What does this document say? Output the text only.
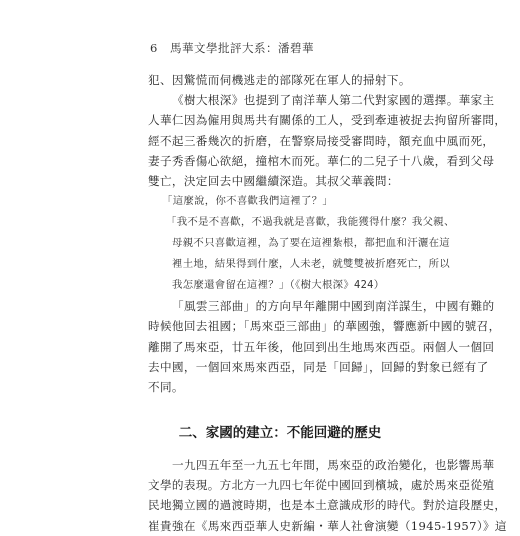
6 馬華文學批評大系：潘碧華
犯、因驚慌而伺機逃走的部隊死在軍人的掃射下。
《樹大根深》也提到了南洋華人第二代對家國的選擇。華家主
人華仁因為僱用與馬共有關係的工人，受到牽連被捉去拘留所審問，
經不起三番幾次的折磨，在警察局接受審問時，額充血中風而死，
妻子秀香傷心欲絕，撞棺木而死。華仁的二兒子十八歲，看到父母
雙亡，決定回去中國繼續深造。其叔父華義問：
「這麼說，你不喜歡我們這裡了？」
「我不是不喜歡，不過我就是喜歡，我能獲得什麼？我父親、
母親不只喜歡這裡，為了要在這裡紮根，都把血和汗灑在這
裡土地，結果得到什麼，人未老，就雙雙被折磨死亡，所以
我怎麼還會留在這裡？」（《樹大根深》424）
「風雲三部曲」的方向早年離開中國到南洋謀生，中國有難的
時候他回去祖國；「馬來亞三部曲」的華國強，響應新中國的號召，
離開了馬來亞，廿五年後，他回到出生地馬來西亞。兩個人一個回
去中國，一個回來馬來西亞，同是「回歸」，回歸的對象已經有了
不同。
二、家國的建立：不能回避的歷史
一九四五年至一九五七年間，馬來亞的政治變化，也影響馬華
文學的表現。方北方一九四七年從中國回到檳城，處於馬來亞從殖
民地獨立國的過渡時期，也是本土意識成形的時代。對於這段歷史，
崔貴強在《馬來西亞華人史新編・華人社會演變（1945-1957）》這
